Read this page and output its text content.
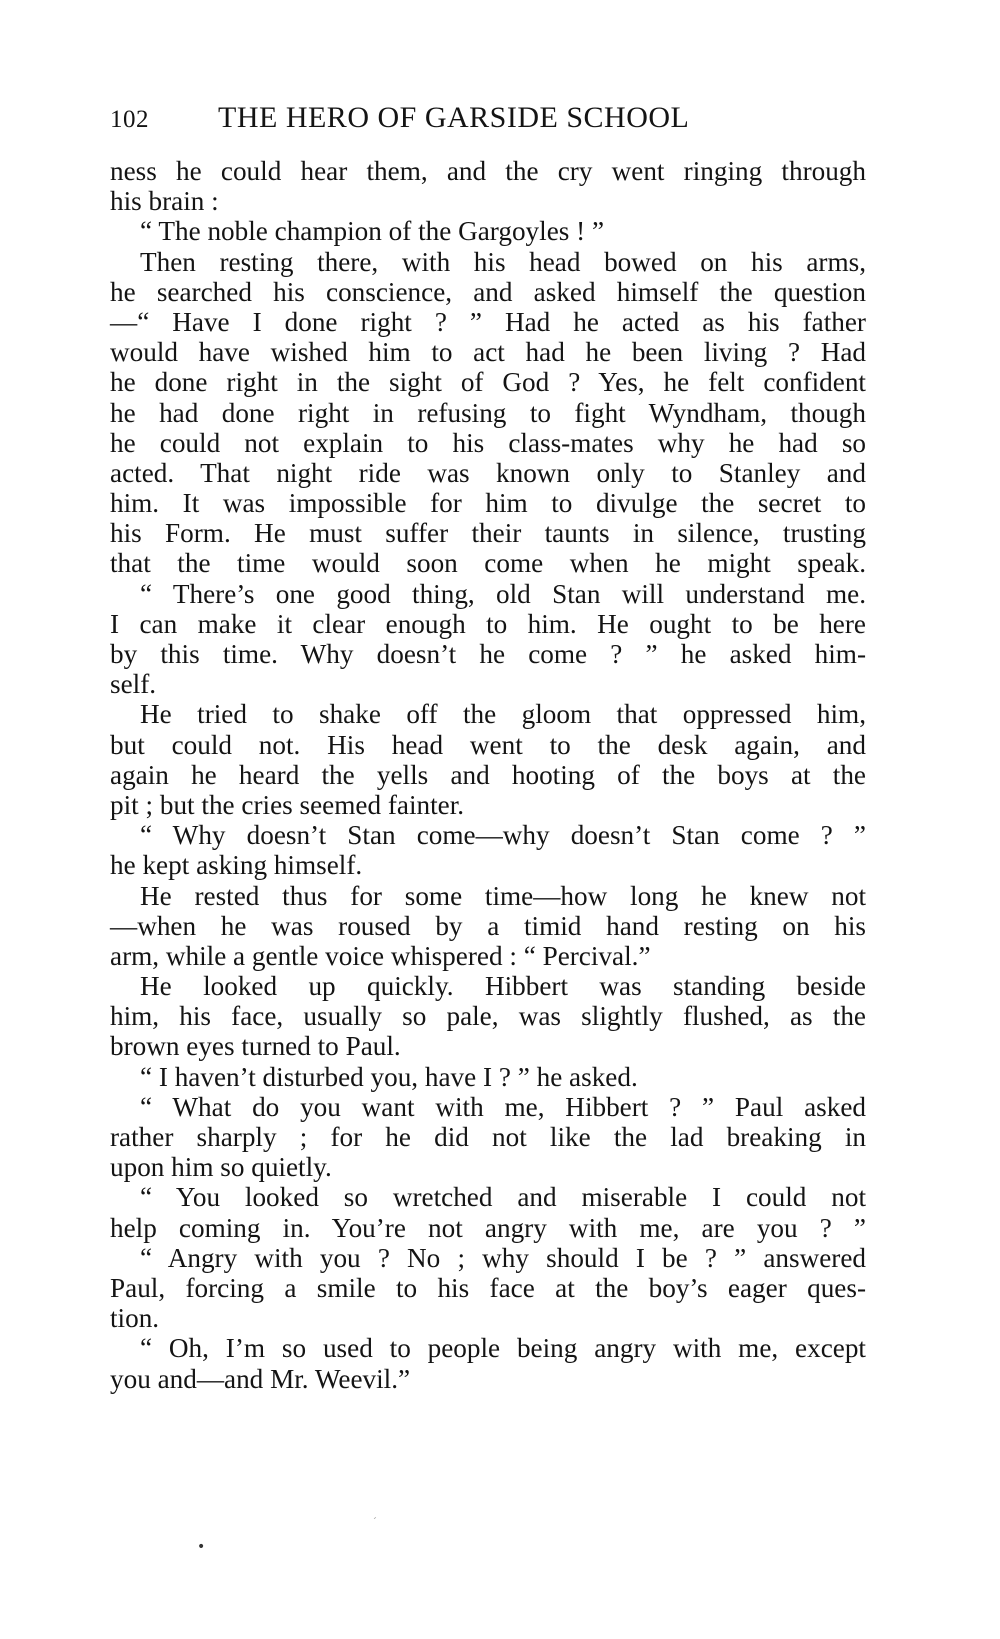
102	THE HERO OF GARSIDE SCHOOL
ness he could hear them, and the cry went ringing through
his brain :
“ The noble champion of the Gargoyles ! ”
Then resting there, with his head bowed on his arms,
he searched his conscience, and asked himself the question
—“ Have I done right ? ” Had he acted as his father
would have wished him to act had he been living ? Had
he done right in the sight of God ? Yes, he felt confident
he had done right in refusing to fight Wyndham, though
he could not explain to his class-mates why he had so
acted. That night ride was known only to Stanley and
him. It was impossible for him to divulge the secret to
his Form. He must suffer their taunts in silence, trusting
that the time would soon come when he might speak.
“ There’s one good thing, old Stan will understand me.
I can make it clear enough to him. He ought to be here
by this time. Why doesn’t he come ? ” he asked him-
self.
He tried to shake off the gloom that oppressed him,
but could not. His head went to the desk again, and
again he heard the yells and hooting of the boys at the
pit ; but the cries seemed fainter.
“ Why doesn’t Stan come—why doesn’t Stan come ? ”
he kept asking himself.
He rested thus for some time—how long he knew not
—when he was roused by a timid hand resting on his
arm, while a gentle voice whispered : “ Percival.”
He looked up quickly. Hibbert was standing beside
him, his face, usually so pale, was slightly flushed, as the
brown eyes turned to Paul.
“ I haven’t disturbed you, have I ? ” he asked.
“ What do you want with me, Hibbert ? ” Paul asked
rather sharply ; for he did not like the lad breaking in
upon him so quietly.
“ You looked so wretched and miserable I could not
help coming in. You’re not angry with me, are you ? ”
“ Angry with you ? No ; why should I be ? ” answered
Paul, forcing a smile to his face at the boy’s eager ques-
tion.
“ Oh, I’m so used to people being angry with me, except
you and—and Mr. Weevil.”
•
ˊ
